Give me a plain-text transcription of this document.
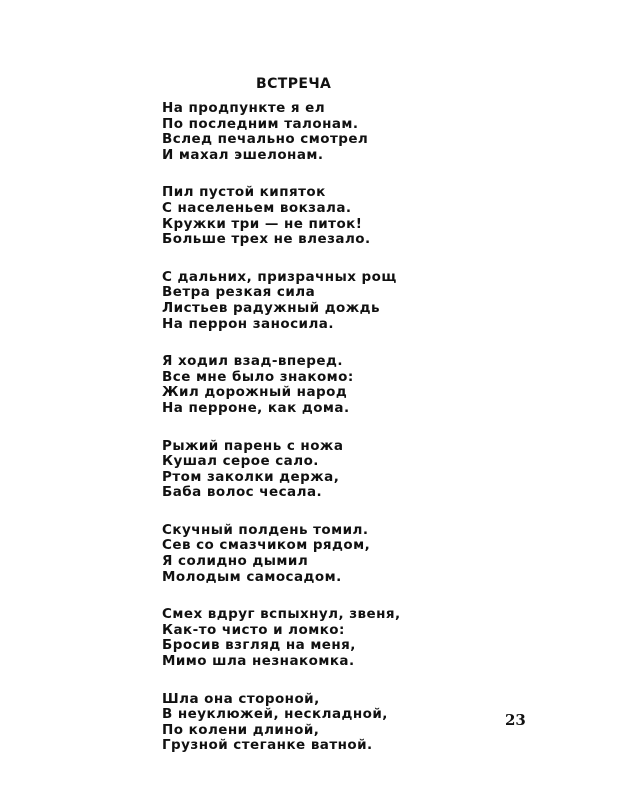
ВСТРЕЧА
На продпункте я ел
По последним талонам.
Вслед печально смотрел
И махал эшелонам.
Пил пустой кипяток
С населеньем вокзала.
Кружки три — не питок!
Больше трех не влезало.
С дальних, призрачных рощ
Ветра резкая сила
Листьев радужный дождь
На перрон заносила.
Я ходил взад-вперед.
Все мне было знакомо:
Жил дорожный народ
На перроне, как дома.
Рыжий парень с ножа
Кушал серое сало.
Ртом заколки держа,
Баба волос чесала.
Скучный полдень томил.
Сев со смазчиком рядом,
Я солидно дымил
Молодым самосадом.
Смех вдруг вспыхнул, звеня,
Как-то чисто и ломко:
Бросив взгляд на меня,
Мимо шла незнакомка.
Шла она стороной,
В неуклюжей, нескладной,
По колени длиной,
Грузной стеганке ватной.
23
